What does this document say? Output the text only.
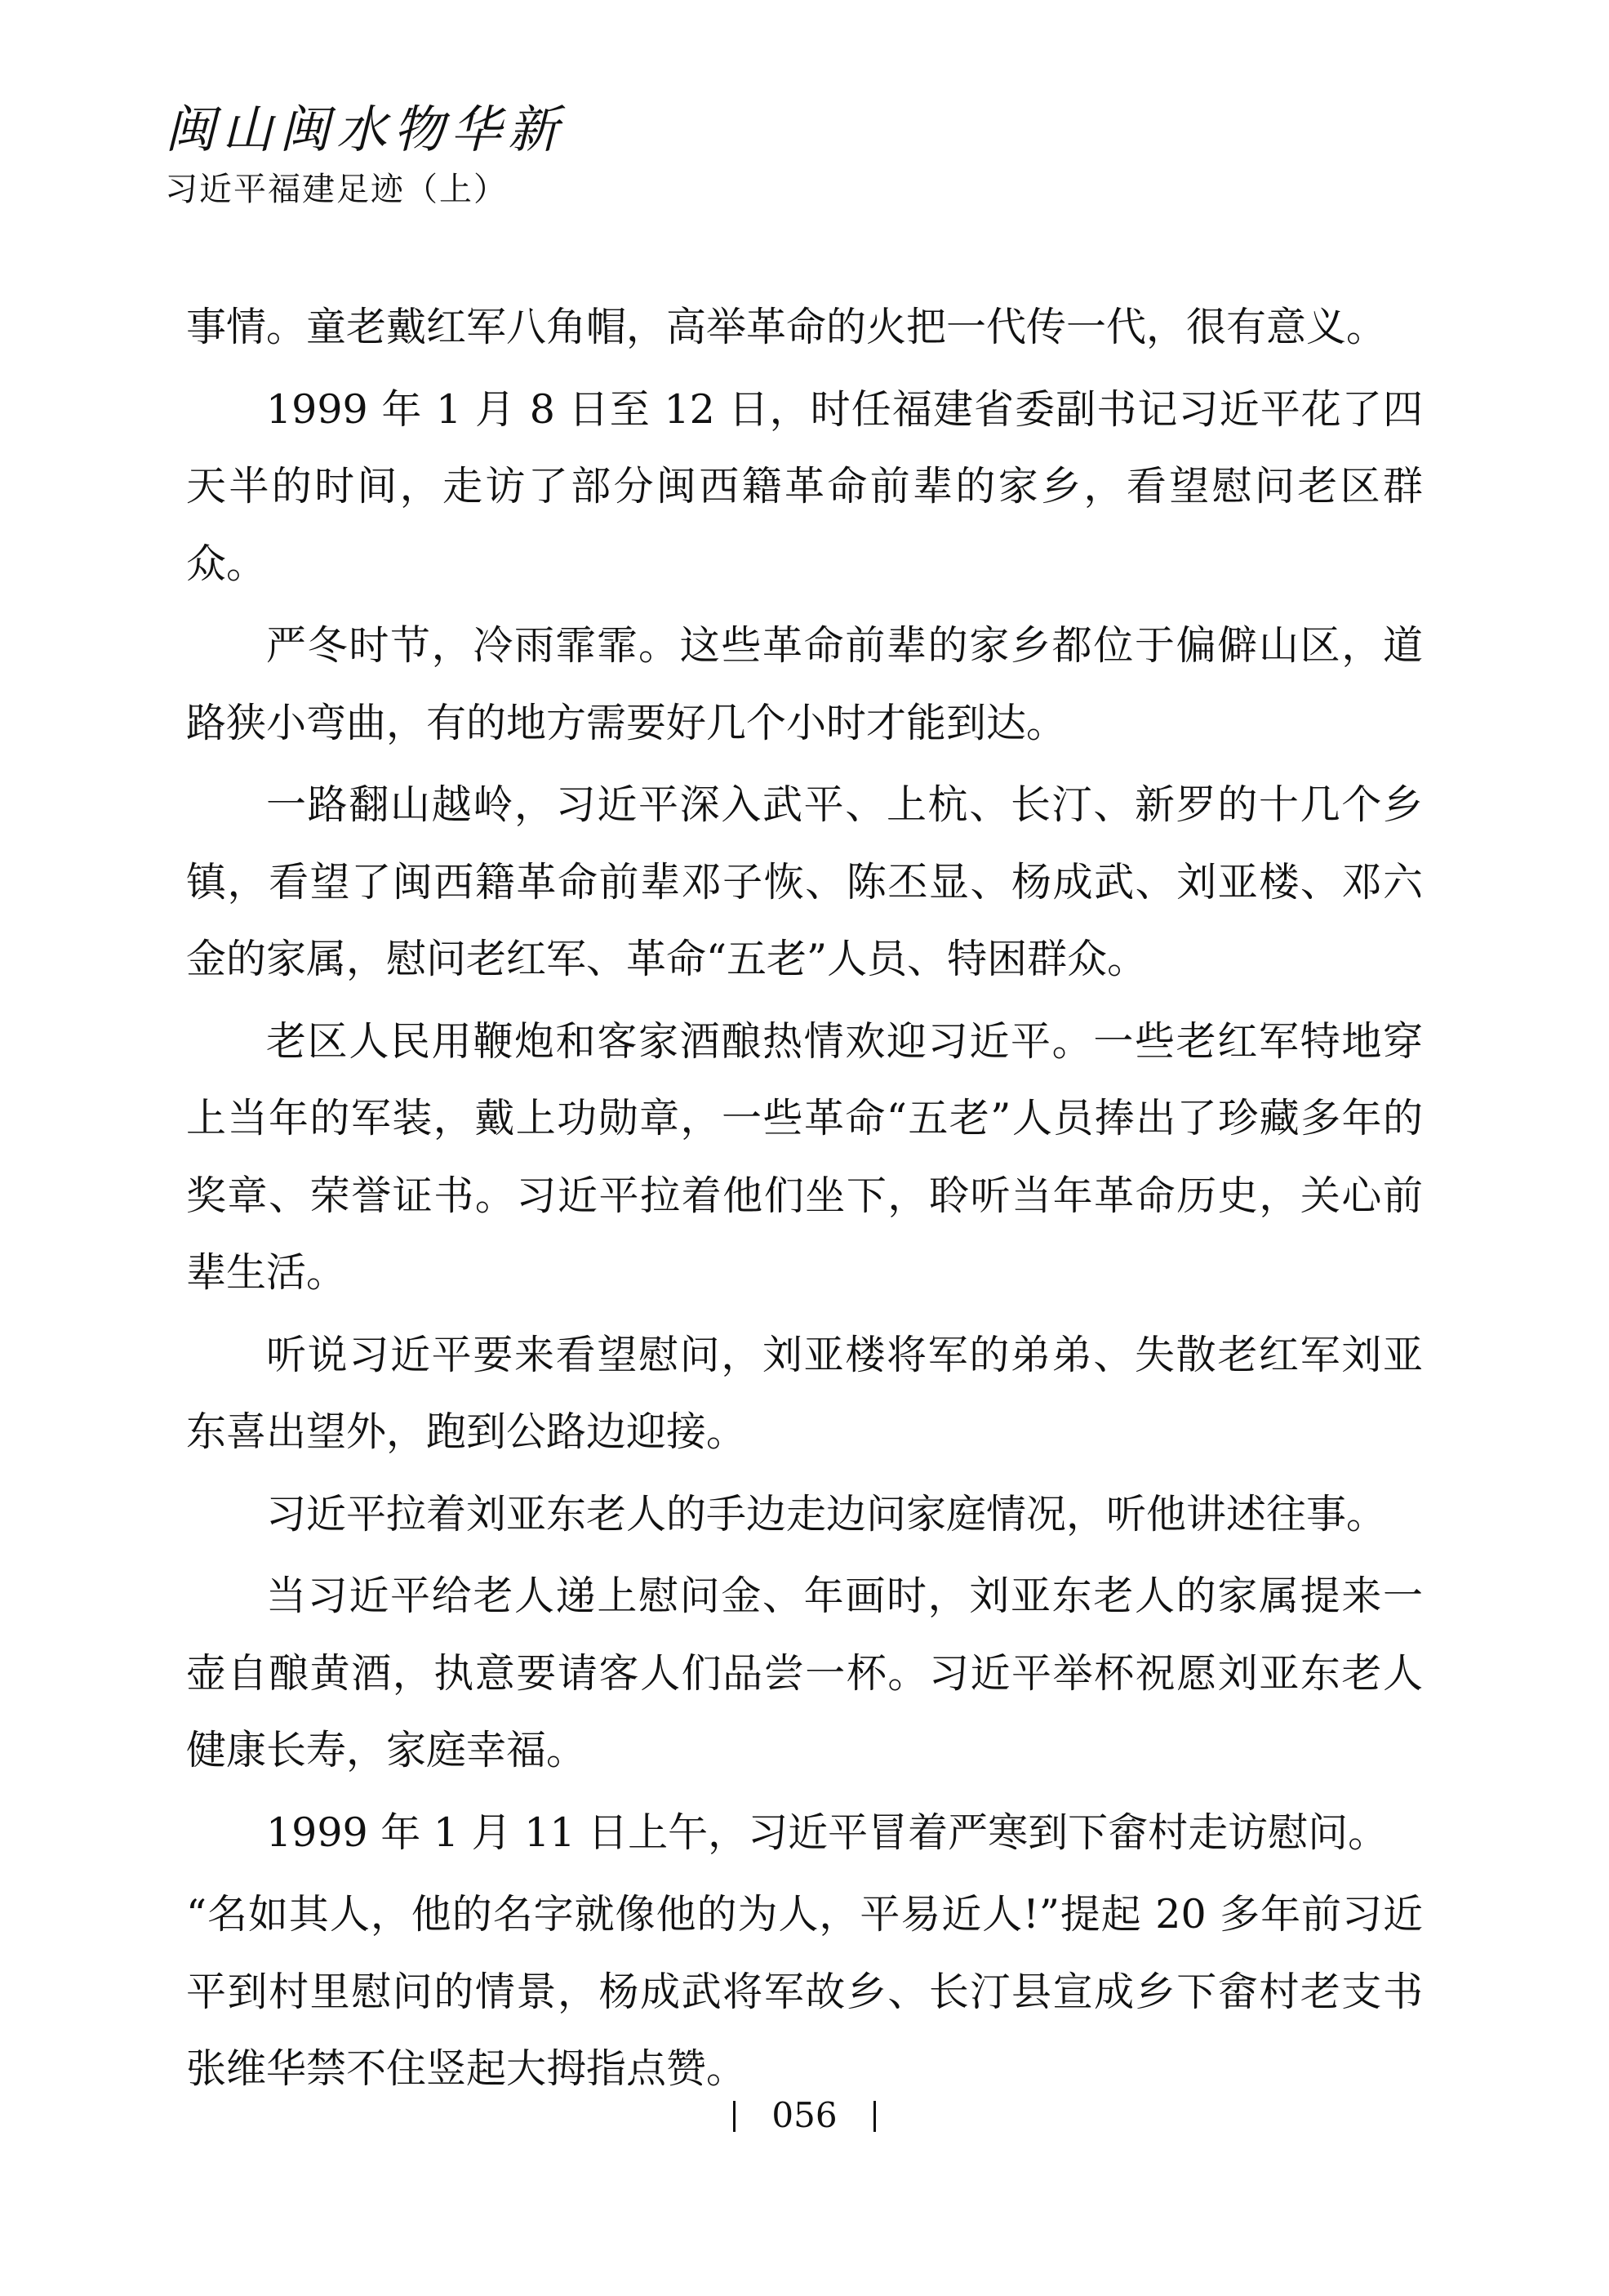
闽山闽水物华新
习近平福建足迹（上）

事情。童老戴红军八角帽，高举革命的火把一代传一代，很有意义。

1999 年 1 月 8 日至 12 日，时任福建省委副书记习近平花了四天半的时间，走访了部分闽西籍革命前辈的家乡，看望慰问老区群众。

严冬时节，冷雨霏霏。这些革命前辈的家乡都位于偏僻山区，道路狭小弯曲，有的地方需要好几个小时才能到达。

一路翻山越岭，习近平深入武平、上杭、长汀、新罗的十几个乡镇，看望了闽西籍革命前辈邓子恢、陈丕显、杨成武、刘亚楼、邓六金的家属，慰问老红军、革命“五老”人员、特困群众。

老区人民用鞭炮和客家酒酿热情欢迎习近平。一些老红军特地穿上当年的军装，戴上功勋章，一些革命“五老”人员捧出了珍藏多年的奖章、荣誉证书。习近平拉着他们坐下，聆听当年革命历史，关心前辈生活。

听说习近平要来看望慰问，刘亚楼将军的弟弟、失散老红军刘亚东喜出望外，跑到公路边迎接。

习近平拉着刘亚东老人的手边走边问家庭情况，听他讲述往事。

当习近平给老人递上慰问金、年画时，刘亚东老人的家属提来一壶自酿黄酒，执意要请客人们品尝一杯。习近平举杯祝愿刘亚东老人健康长寿，家庭幸福。

1999 年 1 月 11 日上午，习近平冒着严寒到下畲村走访慰问。

“名如其人，他的名字就像他的为人，平易近人!”提起 20 多年前习近平到村里慰问的情景，杨成武将军故乡、长汀县宣成乡下畲村老支书张维华禁不住竖起大拇指点赞。

056
